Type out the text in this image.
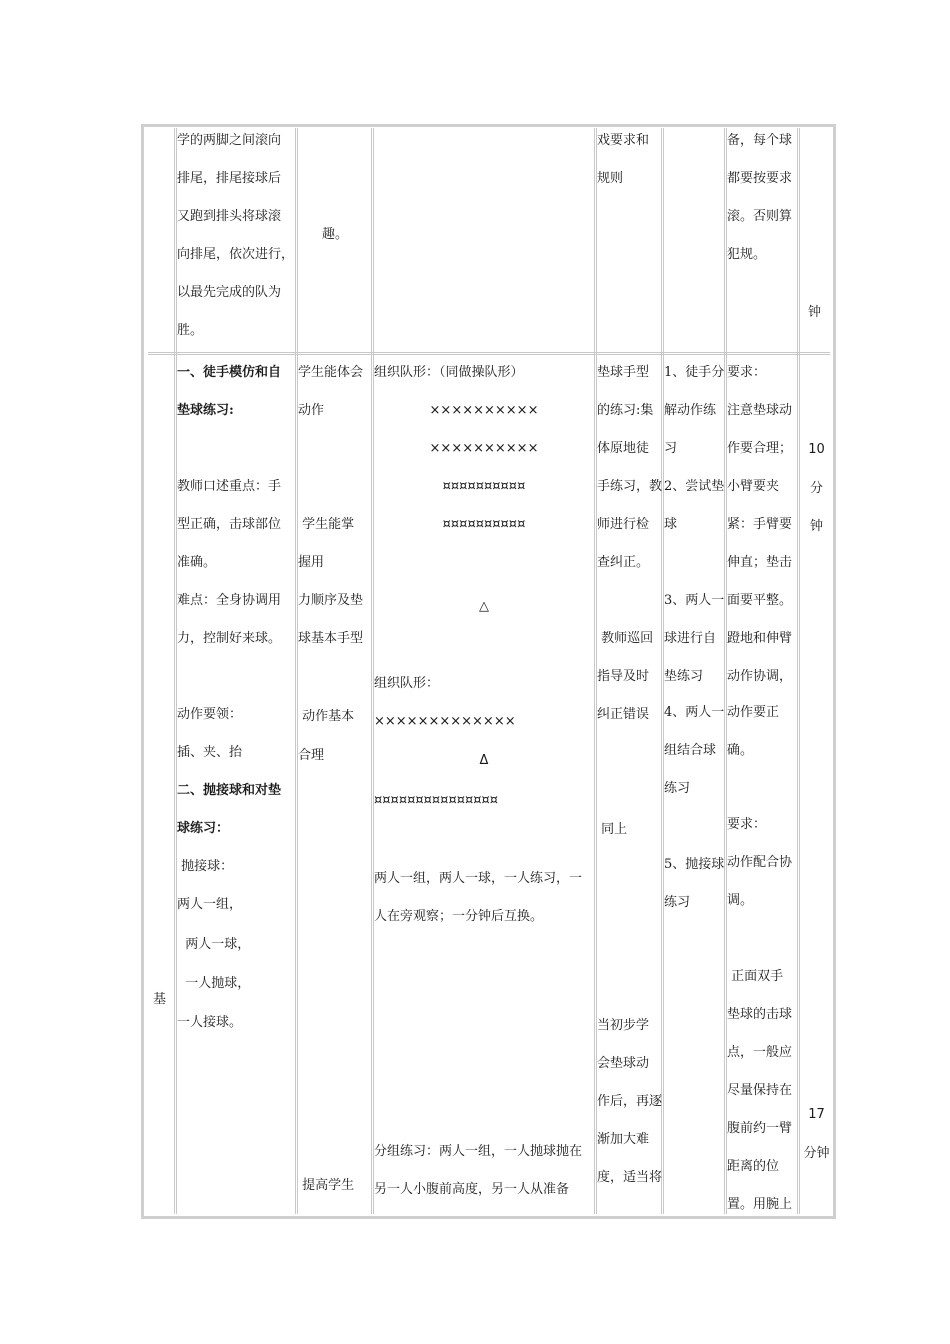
学的两脚之间滚向

排尾，排尾接球后

又跑到排头将球滚

向排尾，依次进行，

以最先完成的队为

胜。

趣。

戏要求和

规则

备，每个球

都要按要求

滚。否则算

犯规。

钟
基
一、徒手模仿和自
垫球练习:
教师口述重点：手
型正确，击球部位
准确。
难点：全身协调用
力，控制好来球。
动作要领：
插、夹、抬
二、抛接球和对垫
球练习：
抛接球：
两人一组，
两人一球，
一人抛球，
一人接球。
学生能体会
动作
学生能掌
握用
力顺序及垫
球基本手型
动作基本
合理
提高学生
组织队形：（同做操队形）
××××××××××
××××××××××
¤¤¤¤¤¤¤¤¤¤
¤¤¤¤¤¤¤¤¤¤
△
组织队形：
×××××××××××××
Δ
¤¤¤¤¤¤¤¤¤¤¤¤¤¤¤
两人一组，两人一球，一人练习，一
人在旁观察；一分钟后互换。
分组练习：两人一组，一人抛球抛在
另一人小腹前高度，另一人从准备
垫球手型
的练习:集
体原地徒
手练习，教
师进行检
查纠正。
教师巡回
指导及时
纠正错误
同上
当初步学
会垫球动
作后，再逐
渐加大难
度，适当将
1、徒手分
解动作练
习
2、尝试垫
球
3、两人一
球进行自
垫练习
4、两人一
组结合球
练习
5、抛接球
练习
要求：
注意垫球动
作要合理；
小臂要夹
紧：手臂要
伸直；垫击
面要平整。
蹬地和伸臂
动作协调，
动作要正
确。
要求：
动作配合协
调。
正面双手
垫球的击球
点，一般应
尽量保持在
腹前约一臂
距离的位
置。用腕上
10
分
钟
17
分钟
